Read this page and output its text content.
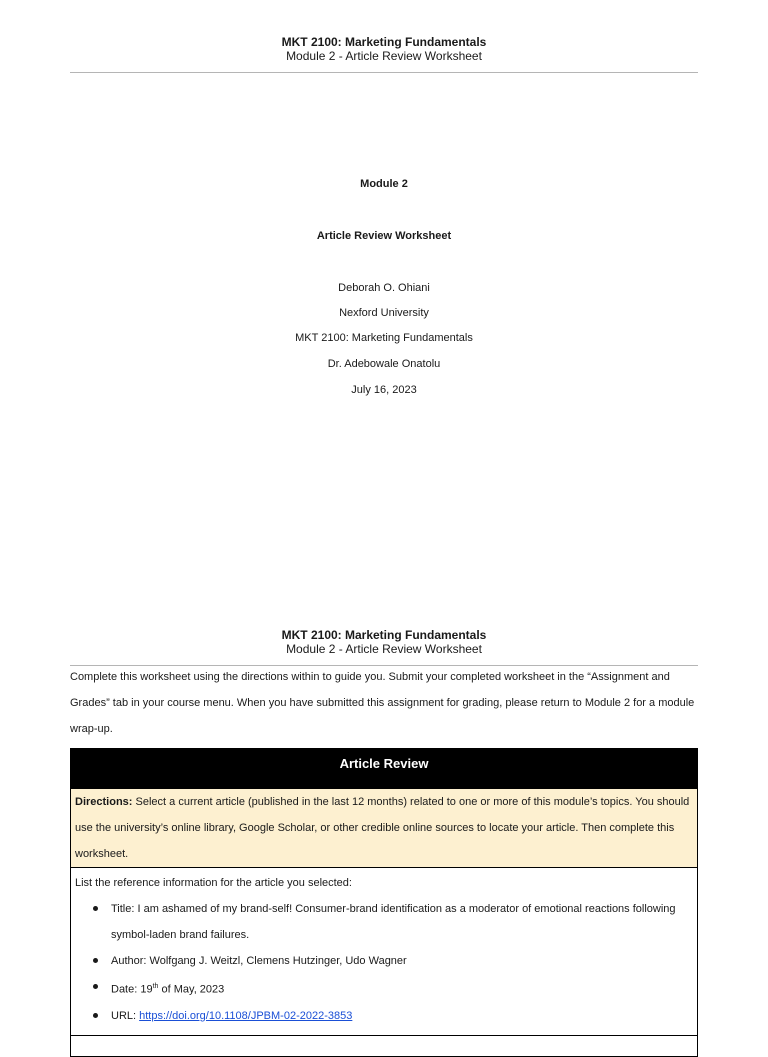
MKT 2100: Marketing Fundamentals
Module 2 - Article Review Worksheet
Module 2
Article Review Worksheet
Deborah O. Ohiani
Nexford University
MKT 2100: Marketing Fundamentals
Dr. Adebowale Onatolu
July 16, 2023
MKT 2100: Marketing Fundamentals
Module 2 - Article Review Worksheet
Complete this worksheet using the directions within to guide you. Submit your completed worksheet in the “Assignment and Grades” tab in your course menu. When you have submitted this assignment for grading, please return to Module 2 for a module wrap-up.
Article Review
Directions: Select a current article (published in the last 12 months) related to one or more of this module’s topics. You should use the university’s online library, Google Scholar, or other credible online sources to locate your article. Then complete this worksheet.
List the reference information for the article you selected:
Title: I am ashamed of my brand-self! Consumer-brand identification as a moderator of emotional reactions following symbol-laden brand failures.
Author: Wolfgang J. Weitzl, Clemens Hutzinger, Udo Wagner
Date: 19th of May, 2023
URL: https://doi.org/10.1108/JPBM-02-2022-3853
